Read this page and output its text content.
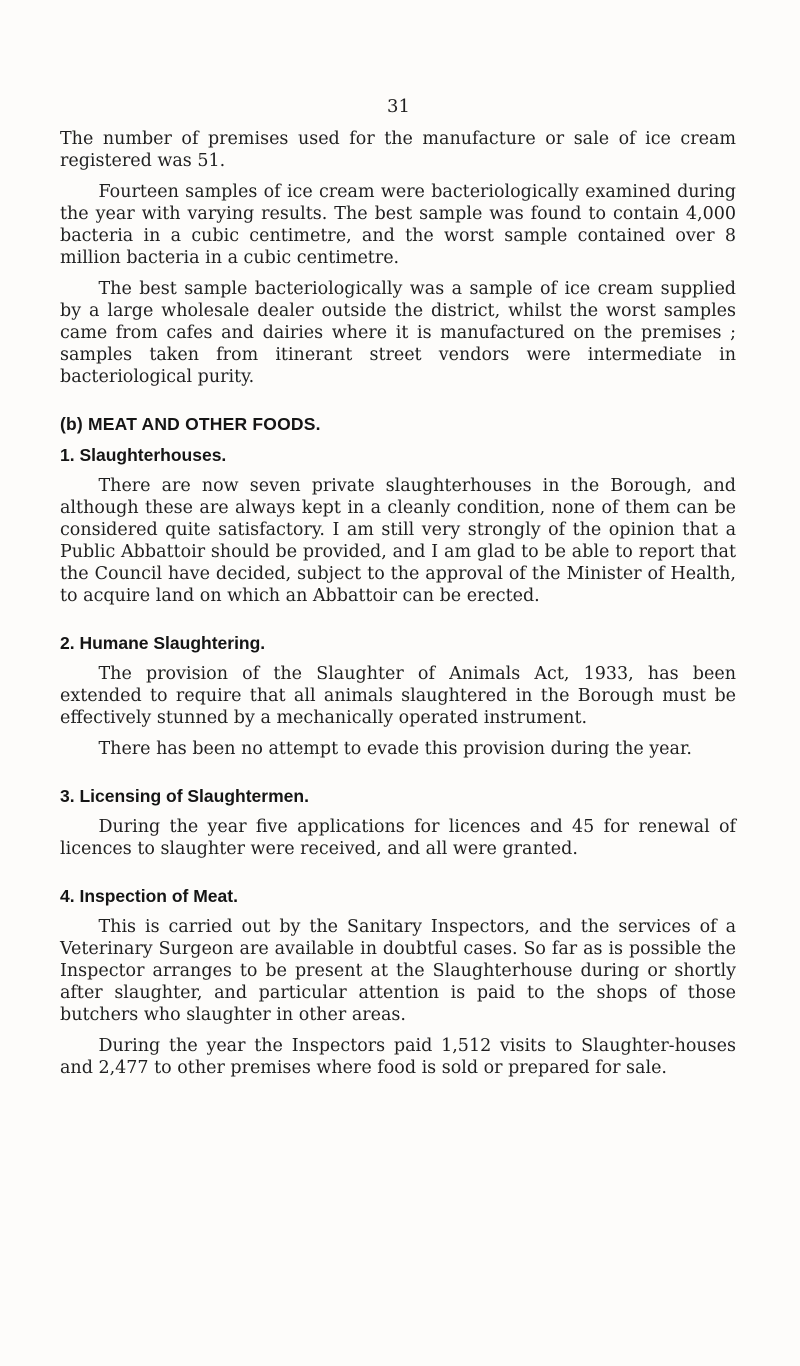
31

The number of premises used for the manufacture or sale of ice cream registered was 51.

Fourteen samples of ice cream were bacteriologically examined during the year with varying results. The best sample was found to contain 4,000 bacteria in a cubic centimetre, and the worst sample contained over 8 million bacteria in a cubic centimetre.

The best sample bacteriologically was a sample of ice cream supplied by a large wholesale dealer outside the district, whilst the worst samples came from cafes and dairies where it is manufactured on the premises ; samples taken from itinerant street vendors were intermediate in bacteriological purity.

(b) MEAT AND OTHER FOODS.
1. Slaughterhouses.

There are now seven private slaughterhouses in the Borough, and although these are always kept in a cleanly condition, none of them can be considered quite satisfactory. I am still very strongly of the opinion that a Public Abbattoir should be provided, and I am glad to be able to report that the Council have decided, subject to the approval of the Minister of Health, to acquire land on which an Abbattoir can be erected.

2. Humane Slaughtering.

The provision of the Slaughter of Animals Act, 1933, has been extended to require that all animals slaughtered in the Borough must be effectively stunned by a mechanically operated instrument.

There has been no attempt to evade this provision during the year.

3. Licensing of Slaughtermen.

During the year five applications for licences and 45 for renewal of licences to slaughter were received, and all were granted.

4. Inspection of Meat.

This is carried out by the Sanitary Inspectors, and the services of a Veterinary Surgeon are available in doubtful cases. So far as is possible the Inspector arranges to be present at the Slaughterhouse during or shortly after slaughter, and particular attention is paid to the shops of those butchers who slaughter in other areas.

During the year the Inspectors paid 1,512 visits to Slaughter-houses and 2,477 to other premises where food is sold or prepared for sale.
